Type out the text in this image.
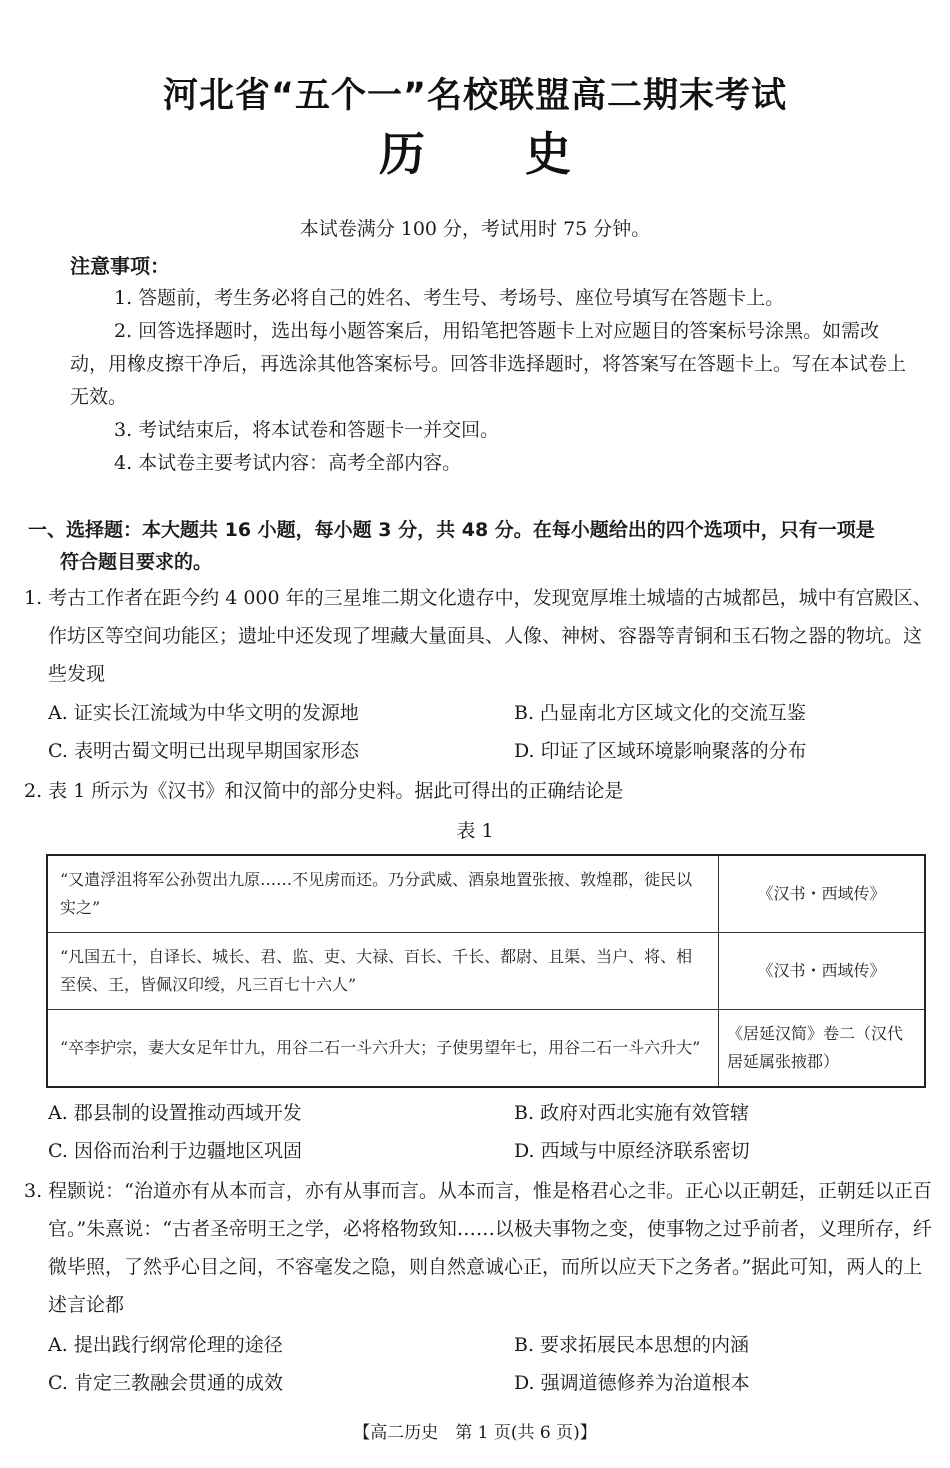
河北省“五个一”名校联盟高二期末考试
历 史
本试卷满分 100 分，考试用时 75 分钟。
注意事项：

1. 答题前，考生务必将自己的姓名、考生号、考场号、座位号填写在答题卡上。

2. 回答选择题时，选出每小题答案后，用铅笔把答题卡上对应题目的答案标号涂黑。如需改动，用橡皮擦干净后，再选涂其他答案标号。回答非选择题时，将答案写在答题卡上。写在本试卷上无效。

3. 考试结束后，将本试卷和答题卡一并交回。

4. 本试卷主要考试内容：高考全部内容。

一、选择题：本大题共 16 小题，每小题 3 分，共 48 分。在每小题给出的四个选项中，只有一项是
符合题目要求的。

1. 考古工作者在距今约 4 000 年的三星堆二期文化遗存中，发现宽厚堆土城墙的古城都邑，城中有宫殿区、作坊区等空间功能区；遗址中还发现了埋藏大量面具、人像、神树、容器等青铜和玉石物之器的物坑。这些发现

A. 证实长江流域为中华文明的发源地	B. 凸显南北方区域文化的交流互鉴
C. 表明古蜀文明已出现早期国家形态	D. 印证了区域环境影响聚落的分布

2. 表 1 所示为《汉书》和汉简中的部分史料。据此可得出的正确结论是

表 1
“又遣浮沮将军公孙贺出九原……不见虏而还。乃分武威、酒泉地置张掖、敦煌郡，徙民以实之”	《汉书・西域传》
“凡国五十，自译长、城长、君、监、吏、大禄、百长、千长、都尉、且渠、当户、将、相至侯、王，皆佩汉印绶，凡三百七十六人”	《汉书・西域传》
“卒李护宗，妻大女足年廿九，用谷二石一斗六升大；子使男望年七，用谷二石一斗六升大”	《居延汉简》卷二（汉代居延属张掖郡）
A. 郡县制的设置推动西域开发	B. 政府对西北实施有效管辖
C. 因俗而治利于边疆地区巩固	D. 西域与中原经济联系密切

3. 程颢说：“治道亦有从本而言，亦有从事而言。从本而言，惟是格君心之非。正心以正朝廷，正朝廷以正百官。”朱熹说：“古者圣帝明王之学，必将格物致知……以极夫事物之变，使事物之过乎前者，义理所存，纤微毕照，了然乎心目之间，不容毫发之隐，则自然意诚心正，而所以应天下之务者。”据此可知，两人的上述言论都

A. 提出践行纲常伦理的途径	B. 要求拓展民本思想的内涵
C. 肯定三教融会贯通的成效	D. 强调道德修养为治道根本
【高二历史　第 1 页(共 6 页)】
